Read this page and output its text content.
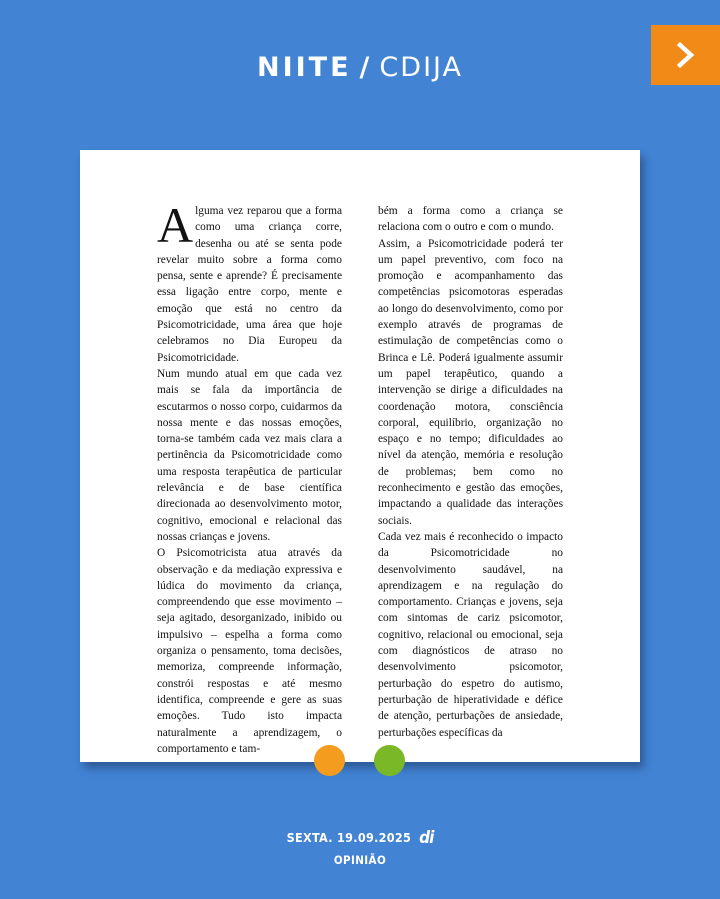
NIITE / CDIJA

Alguma vez reparou que a forma como uma criança corre, desenha ou até se senta pode revelar muito sobre a forma como pensa, sente e aprende? É precisamente essa ligação entre corpo, mente e emoção que está no centro da Psicomotricidade, uma área que hoje celebramos no Dia Europeu da Psicomotricidade.

Num mundo atual em que cada vez mais se fala da importância de escutarmos o nosso corpo, cuidarmos da nossa mente e das nossas emoções, torna-se também cada vez mais clara a pertinência da Psicomotricidade como uma resposta terapêutica de particular relevância e de base científica direcionada ao desenvolvimento motor, cognitivo, emocional e relacional das nossas crianças e jovens.

O Psicomotricista atua através da observação e da mediação expressiva e lúdica do movimento da criança, compreendendo que esse movimento – seja agitado, desorganizado, inibido ou impulsivo – espelha a forma como organiza o pensamento, toma decisões, memoriza, compreende informação, constrói respostas e até mesmo identifica, compreende e gere as suas emoções. Tudo isto impacta naturalmente a aprendizagem, o comportamento e tam-

bém a forma como a criança se relaciona com o outro e com o mundo.

Assim, a Psicomotricidade poderá ter um papel preventivo, com foco na promoção e acompanhamento das competências psicomotoras esperadas ao longo do desenvolvimento, como por exemplo através de programas de estimulação de competências como o Brinca e Lê. Poderá igualmente assumir um papel terapêutico, quando a intervenção se dirige a dificuldades na coordenação motora, consciência corporal, equilíbrio, organização no espaço e no tempo; dificuldades ao nível da atenção, memória e resolução de problemas; bem como no reconhecimento e gestão das emoções, impactando a qualidade das interações sociais.

Cada vez mais é reconhecido o impacto da Psicomotricidade no desenvolvimento saudável, na aprendizagem e na regulação do comportamento. Crianças e jovens, seja com sintomas de cariz psicomotor, cognitivo, relacional ou emocional, seja com diagnósticos de atraso no desenvolvimento psicomotor, perturbação do espetro do autismo, perturbação de hiperatividade e défice de atenção, perturbações de ansiedade, perturbações específicas da

SEXTA. 19.09.2025 di
OPINIÃO
